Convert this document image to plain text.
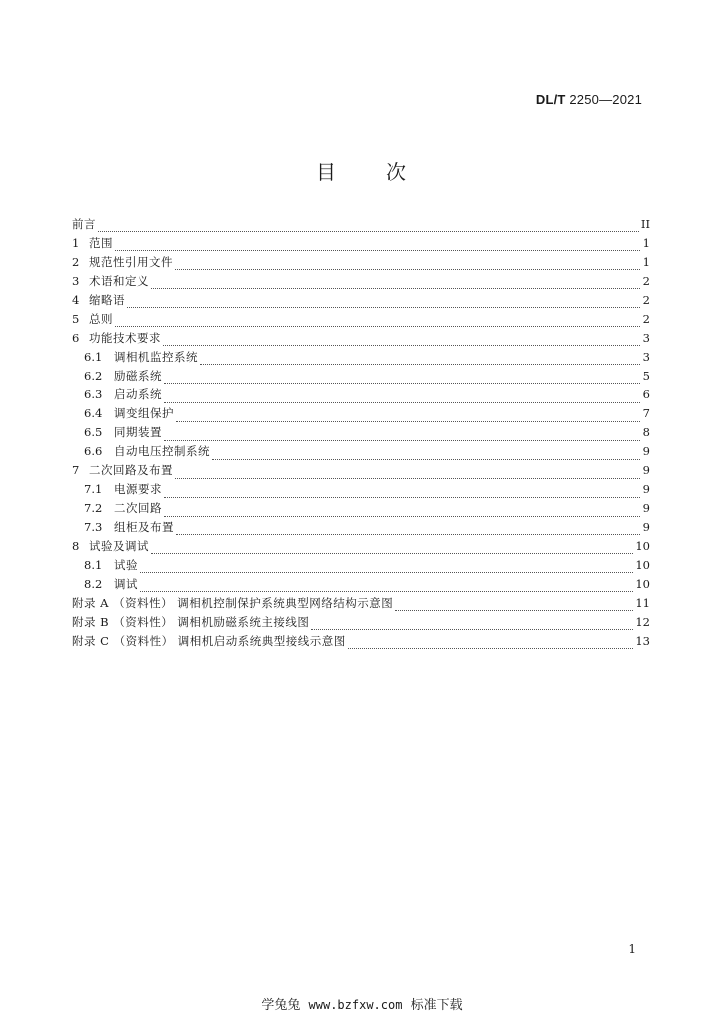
DL/T 2250—2021
目 次
前言	II
1 范围	1
2 规范性引用文件	1
3 术语和定义	2
4 缩略语	2
5 总则	2
6 功能技术要求	3
6.1	调相机监控系统	3
6.2	励磁系统	5
6.3	启动系统	6
6.4	调变组保护	7
6.5	同期装置	8
6.6	自动电压控制系统	9
7 二次回路及布置	9
7.1	电源要求	9
7.2	二次回路	9
7.3	组柜及布置	9
8 试验及调试	10
8.1	试验	10
8.2	调试	10
附录 A （资料性） 调相机控制保护系统典型网络结构示意图	11
附录 B （资料性） 调相机励磁系统主接线图	12
附录 C （资料性） 调相机启动系统典型接线示意图	13
1
学兔兔 www.bzfxw.com 标准下载
